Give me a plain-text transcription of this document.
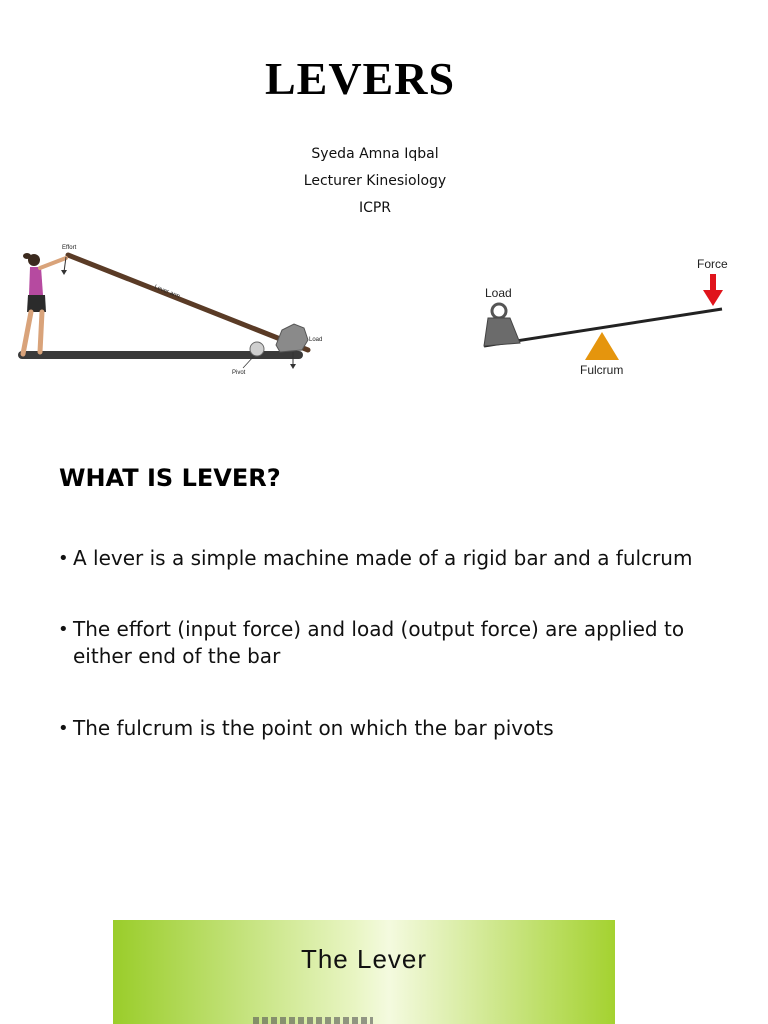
LEVERS
Syeda Amna Iqbal
Lecturer Kinesiology
ICPR
Effort
Lever arm
Load
Pivot
Load
Force
Fulcrum
WHAT IS LEVER?
• A lever is a simple machine made of a rigid bar and a fulcrum
• The effort (input force) and load (output force) are applied to either end of the bar
• The fulcrum is the point on which the bar pivots
The Lever
